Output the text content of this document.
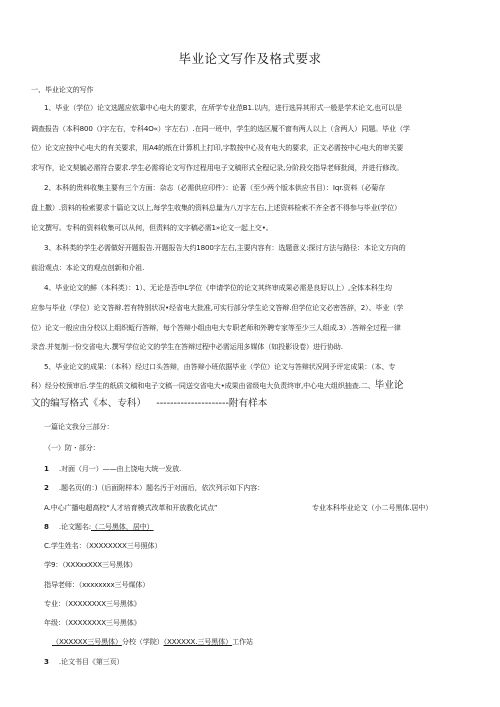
毕业论文写作及格式要求
一、毕业论文的写作
1、毕业（学位）论文选题应依靠中心电大的要求，在所学专业范B1.以内，进行选异其形式一般是学术论文,也可以是
调查报告（本科800（)字左右，专科4O«）字左右）.在同一班中，学生的选区履不窗有两人以上（含两人）同题。毕业（学
位）论文应按中心电大的有关要求，用A4的纸在计算机上打印,字数按中心及有电大的要求，正文必需按中心电大的审关要
求写作，论文契毓必需符合要求.学生必需将论文写作过程用电子文稿形式全程记录,分阶段交指导老师批阅，并进行修改。
2、本科的贵料收集主要有三个方面：杂志（必需供应印件）：论著（至少两个版本供应书目）：Iqr.资料（必菊存
盘上撒）.资料的检索要求十篇论文以上,每学生收集的资料总量为八万字左右,上述资料检索不齐全者不得参与毕业(学位）
论文撰写。专科的资料收集可以从何，但责料的文字稿必需1»论文一起上交•。
3、本科类的学生必需做好开题报告.开题报告大约1800字左右,主要内容有：选题意义:探讨方法与路径：本论文方向的
前沿观点：本论文的观点创新和介祖.
4、毕业论文的鮮（本科类）：1）、无论是否申L学位《申请学位的论文其终审成果必需是良好以上）,全体本科生均
应参与毕业（学位）论文答辩.若有特别状况•经省电大批准,可实行部分学生论文答辩.但学位论文必密答辞，2）、毕业（学
位）论文一般应由分校以上组织蚯行答辩，每个答辩小组由电大专职老师和外聘专家等至少三人组成.3）.答辩全过程一律
录音.并复制一份交省电大.撰写学位论文的学生在答辩过程中必需运用多媒体（如投影设卷）进行协助.
5、毕业论文的成果：（本科）经过口头答辩，由答辩小班依据毕业（学位）论文与答辩状况网予评定成果：（本、专
科）经分校预审后.学生的纸质文稿和电子文稿一同送交省电大•成果由省级电大负责终审,中心电大组织抽查.二、毕业论
文的编写格式《本、专科） ---------------------附有样本
一篇论文我分三部分：
（一）防・部分：
1 .对面（月一）——由上饶电大统一发放.
2 .题名页(的：)（后面附样本）题名汚于对面后，依次列示如下内容：
A.中心广播电超高校“人才培育模式改革和开放教化试点”	专业本科毕业论文（小二号黑体.居中）
8 .论文题名:（二号黑体，居中）
C.学生姓名：（XXXXXXXX三号照体）
学9：（XXXxxXXX三号黑体）
指导老师：（xxxxxxxx三号煤体）
专业：（XXXXXXXX三号黑体》
年级：（XXXXXXXX三号黑体》
（XXXXXX三号黑体）分校（学院）（XXXXXX.三号黑体）工作站
3 .论文书目《第三页）
